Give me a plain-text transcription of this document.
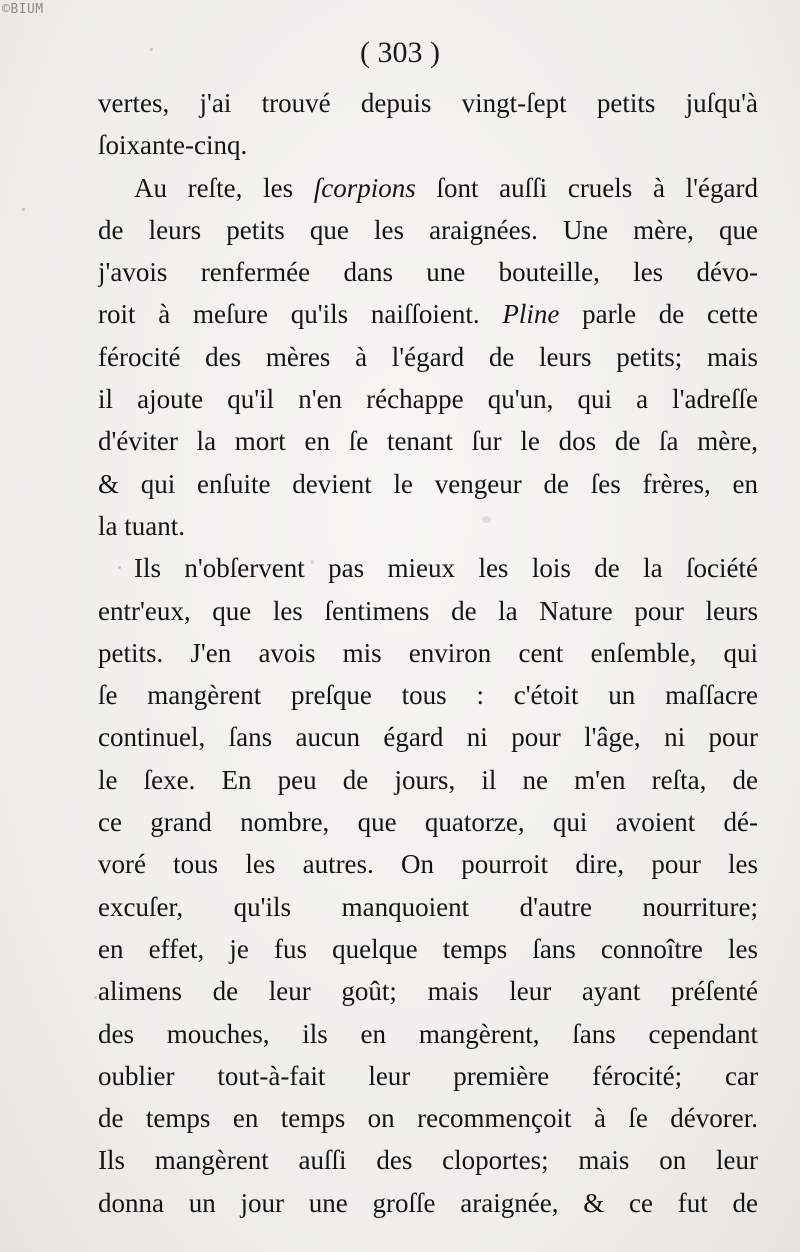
©BIUM
( 303 )
vertes, j'ai trouvé depuis vingt-ſept petits juſqu'à
ſoixante-cinq.
Au reſte, les ſcorpions ſont auſſi cruels à l'égard
de leurs petits que les araignées. Une mère, que
j'avois renfermée dans une bouteille, les dévo-
roit à meſure qu'ils naiſſoient. Pline parle de cette
férocité des mères à l'égard de leurs petits; mais
il ajoute qu'il n'en réchappe qu'un, qui a l'adreſſe
d'éviter la mort en ſe tenant ſur le dos de ſa mère,
& qui enſuite devient le vengeur de ſes frères, en
la tuant.
Ils n'obſervent pas mieux les lois de la ſociété
entr'eux, que les ſentimens de la Nature pour leurs
petits. J'en avois mis environ cent enſemble, qui
ſe mangèrent preſque tous : c'étoit un maſſacre
continuel, ſans aucun égard ni pour l'âge, ni pour
le ſexe. En peu de jours, il ne m'en reſta, de
ce grand nombre, que quatorze, qui avoient dé-
voré tous les autres. On pourroit dire, pour les
excuſer, qu'ils manquoient d'autre nourriture;
en effet, je fus quelque temps ſans connoître les
alimens de leur goût; mais leur ayant préſenté
des mouches, ils en mangèrent, ſans cependant
oublier tout-à-fait leur première férocité; car
de temps en temps on recommençoit à ſe dévorer.
Ils mangèrent auſſi des cloportes; mais on leur
donna un jour une groſſe araignée, & ce fut de
